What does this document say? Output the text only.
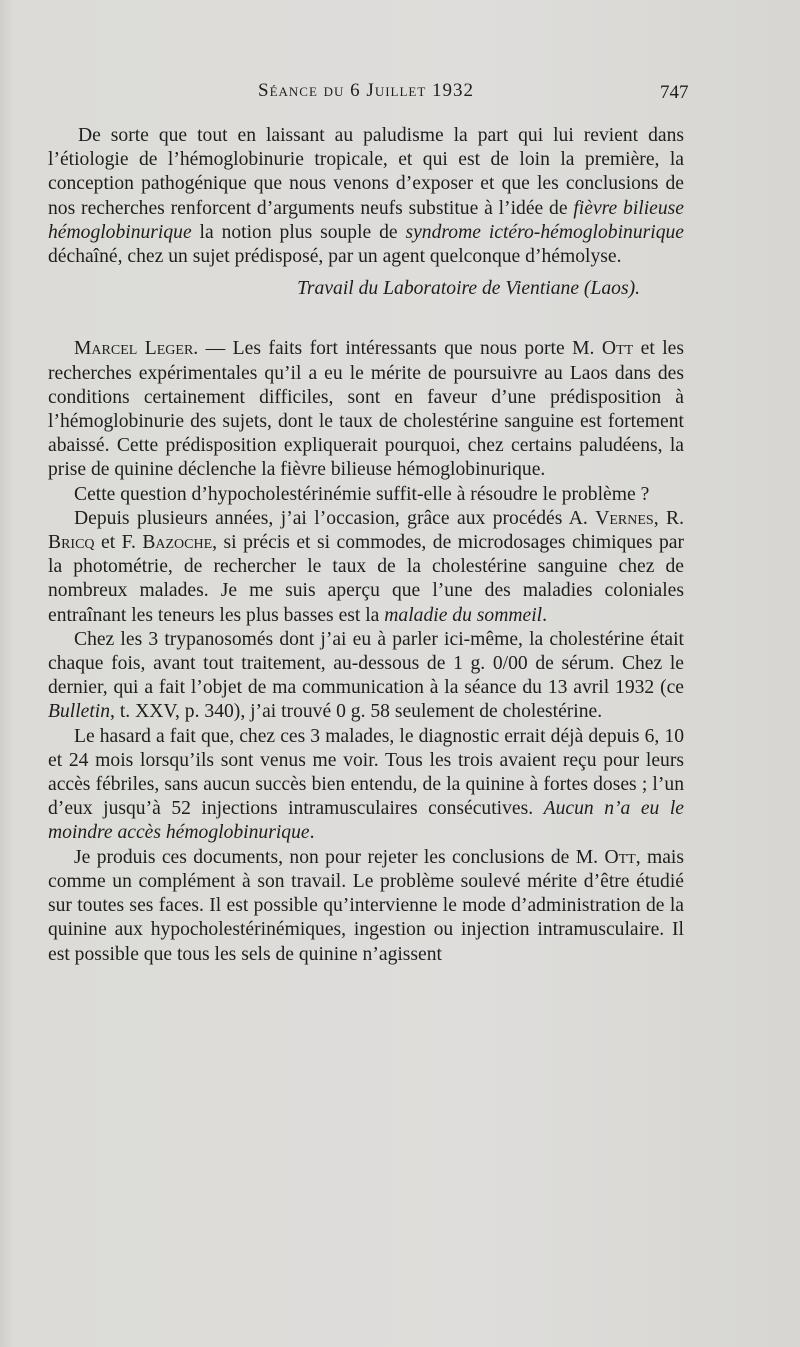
Séance du 6 Juillet 1932	747

De sorte que tout en laissant au paludisme la part qui lui revient dans l’étiologie de l’hémoglobinurie tropicale, et qui est de loin la première, la conception pathogénique que nous venons d’exposer et que les conclusions de nos recherches renforcent d’arguments neufs substitue à l’idée de fièvre bilieuse hémoglobinurique la notion plus souple de syndrome ictéro-hémoglobinurique déchaîné, chez un sujet prédisposé, par un agent quelconque d’hémolyse.

Travail du Laboratoire de Vientiane (Laos).

Marcel Leger. — Les faits fort intéressants que nous porte M. Ott et les recherches expérimentales qu’il a eu le mérite de poursuivre au Laos dans des conditions certainement difficiles, sont en faveur d’une prédisposition à l’hémoglobinurie des sujets, dont le taux de cholestérine sanguine est fortement abaissé. Cette prédisposition expliquerait pourquoi, chez certains paludéens, la prise de quinine déclenche la fièvre bilieuse hémoglobinurique.

Cette question d’hypocholestérinémie suffit-elle à résoudre le problème ?

Depuis plusieurs années, j’ai l’occasion, grâce aux procédés A. Vernes, R. Bricq et F. Bazoche, si précis et si commodes, de microdosages chimiques par la photométrie, de rechercher le taux de la cholestérine sanguine chez de nombreux malades. Je me suis aperçu que l’une des maladies coloniales entraînant les teneurs les plus basses est la maladie du sommeil.

Chez les 3 trypanosomés dont j’ai eu à parler ici-même, la cholestérine était chaque fois, avant tout traitement, au-dessous de 1 g. 0/00 de sérum. Chez le dernier, qui a fait l’objet de ma communication à la séance du 13 avril 1932 (ce Bulletin, t. XXV, p. 340), j’ai trouvé 0 g. 58 seulement de cholestérine.

Le hasard a fait que, chez ces 3 malades, le diagnostic errait déjà depuis 6, 10 et 24 mois lorsqu’ils sont venus me voir. Tous les trois avaient reçu pour leurs accès fébriles, sans aucun succès bien entendu, de la quinine à fortes doses ; l’un d’eux jusqu’à 52 injections intramusculaires consécutives. Aucun n’a eu le moindre accès hémoglobinurique.

Je produis ces documents, non pour rejeter les conclusions de M. Ott, mais comme un complément à son travail. Le problème soulevé mérite d’être étudié sur toutes ses faces. Il est possible qu’intervienne le mode d’administration de la quinine aux hypocholestérinémiques, ingestion ou injection intramusculaire. Il est possible que tous les sels de quinine n’agissent
